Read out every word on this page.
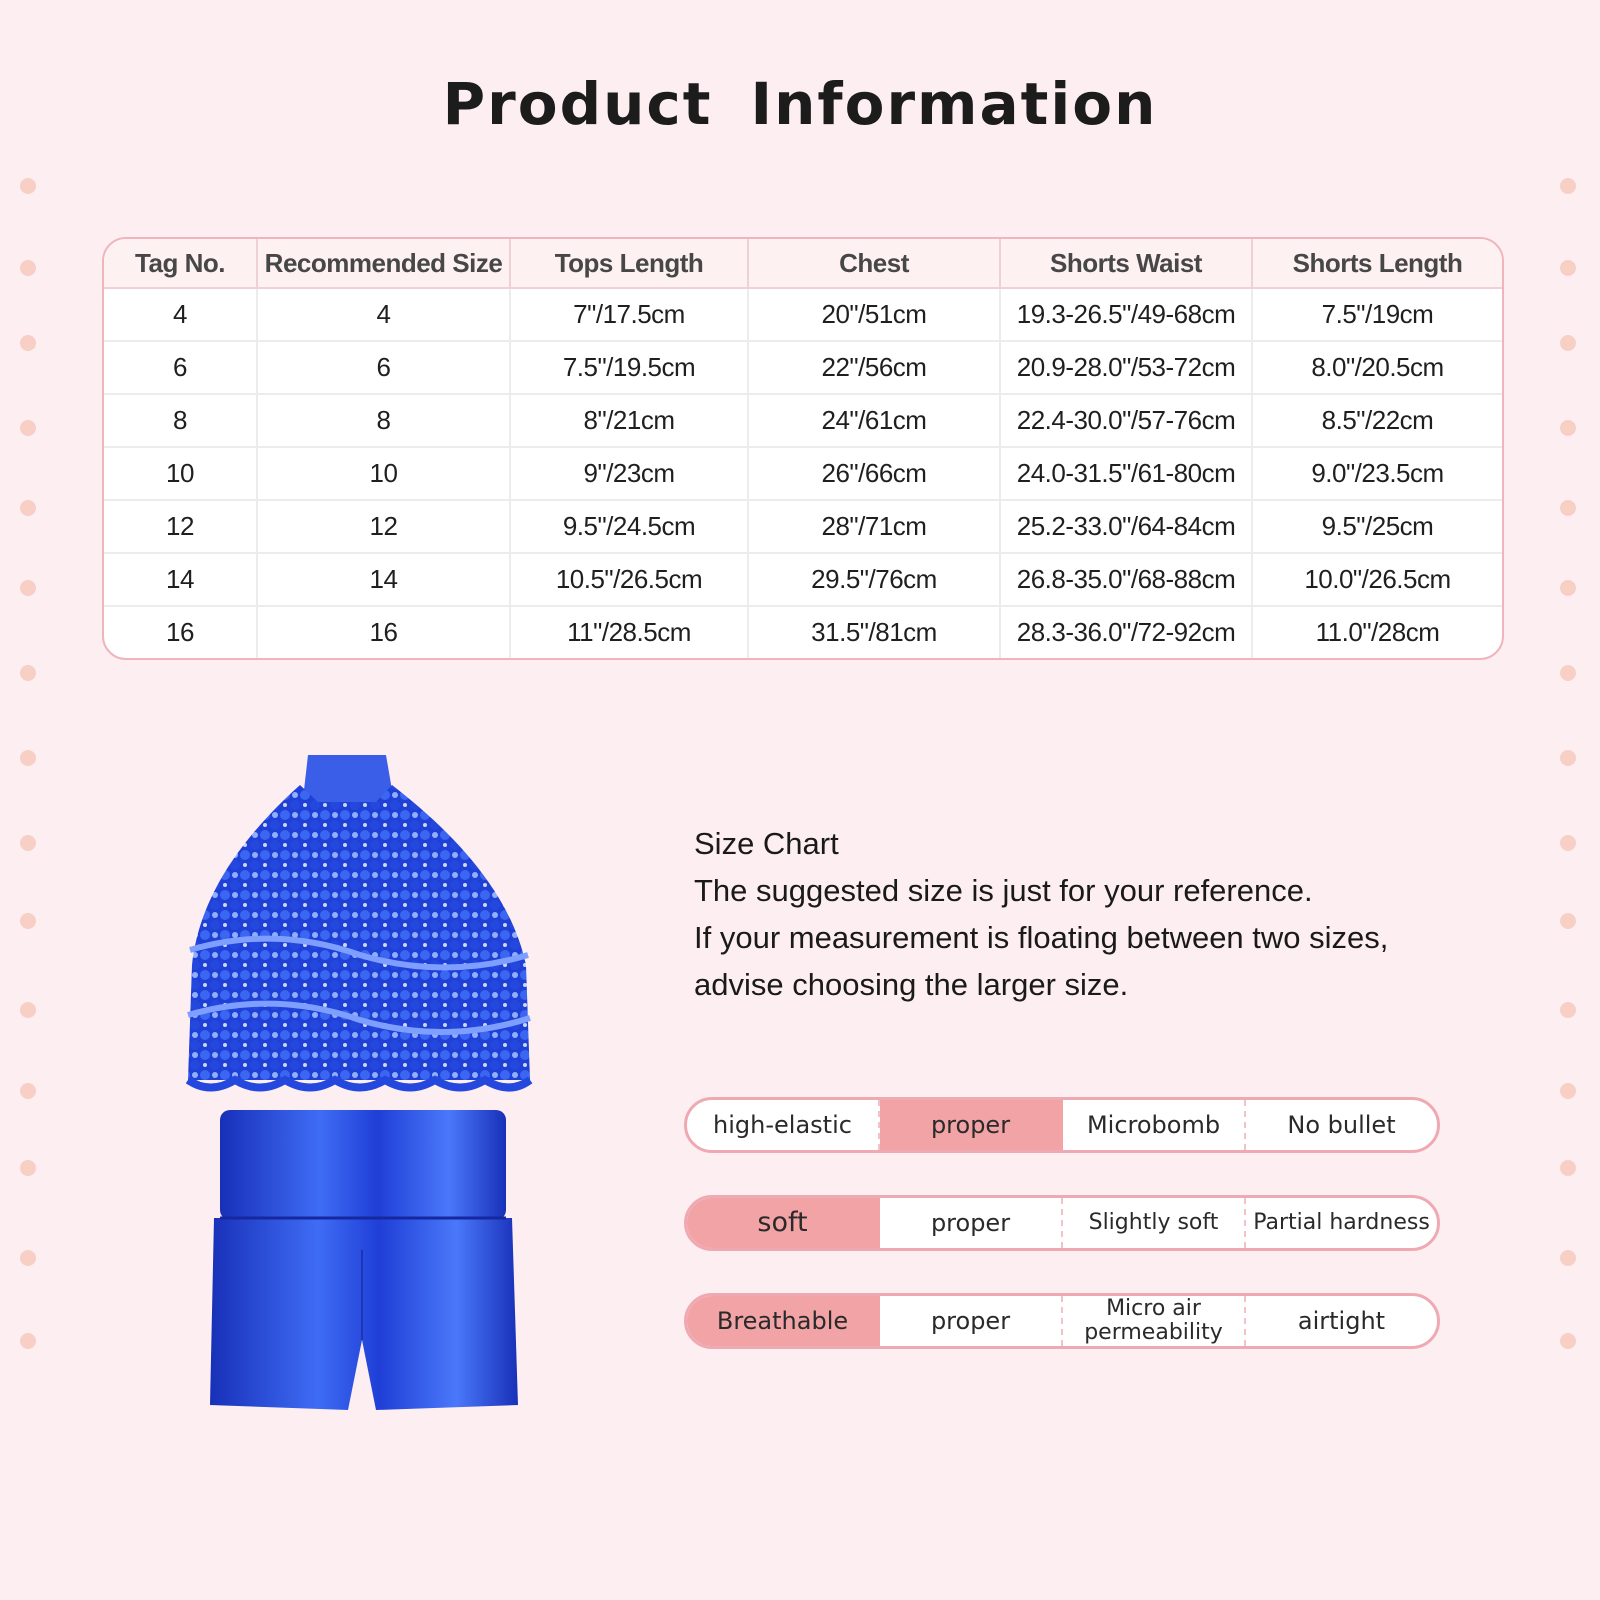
Product Information
Tag No.	Recommended Size	Tops Length	Chest	Shorts Waist	Shorts Length
4	4	7"/17.5cm	20"/51cm	19.3-26.5"/49-68cm	7.5"/19cm
6	6	7.5"/19.5cm	22"/56cm	20.9-28.0"/53-72cm	8.0"/20.5cm
8	8	8"/21cm	24"/61cm	22.4-30.0"/57-76cm	8.5"/22cm
10	10	9"/23cm	26"/66cm	24.0-31.5"/61-80cm	9.0"/23.5cm
12	12	9.5"/24.5cm	28"/71cm	25.2-33.0"/64-84cm	9.5"/25cm
14	14	10.5"/26.5cm	29.5"/76cm	26.8-35.0"/68-88cm	10.0"/26.5cm
16	16	11"/28.5cm	31.5"/81cm	28.3-36.0"/72-92cm	11.0"/28cm
Size Chart
The suggested size is just for your reference.
If your measurement is floating between two sizes,
advise choosing the larger size.
high-elastic	proper	Microbomb	No bullet
soft	proper	Slightly soft	Partial hardness
Breathable	proper	Micro air permeability	airtight
